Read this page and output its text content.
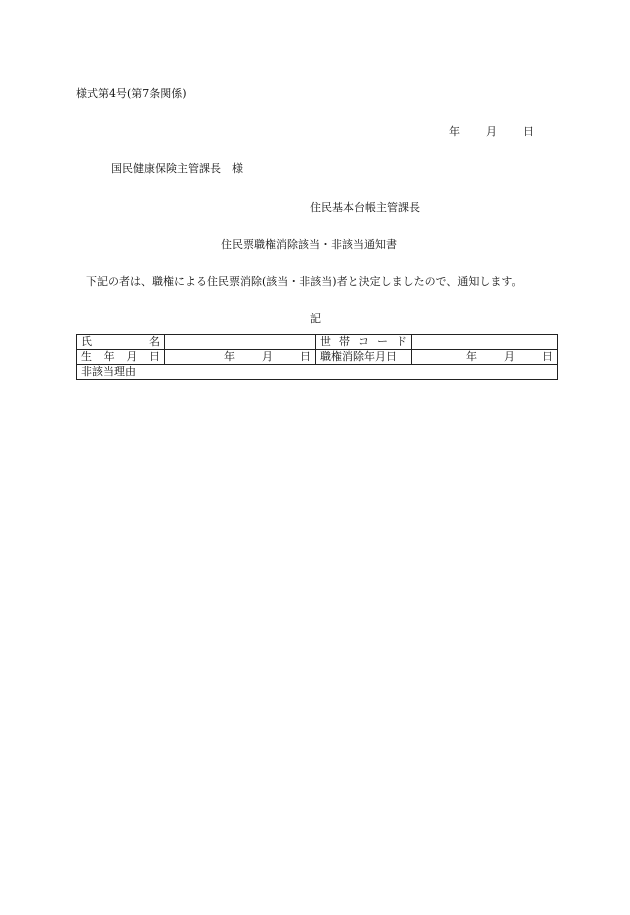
様式第4号(第7条関係)
年 月 日
国民健康保険主管課長　様
住民基本台帳主管課長
住民票職権消除該当・非該当通知書
下記の者は、職権による住民票消除(該当・非該当)者と決定しましたので、通知します。
記
氏 名		世 帯 コ ー ド	

生 年 月 日	年 月 日	職権消除年月日	年 月 日

非該当理由			
